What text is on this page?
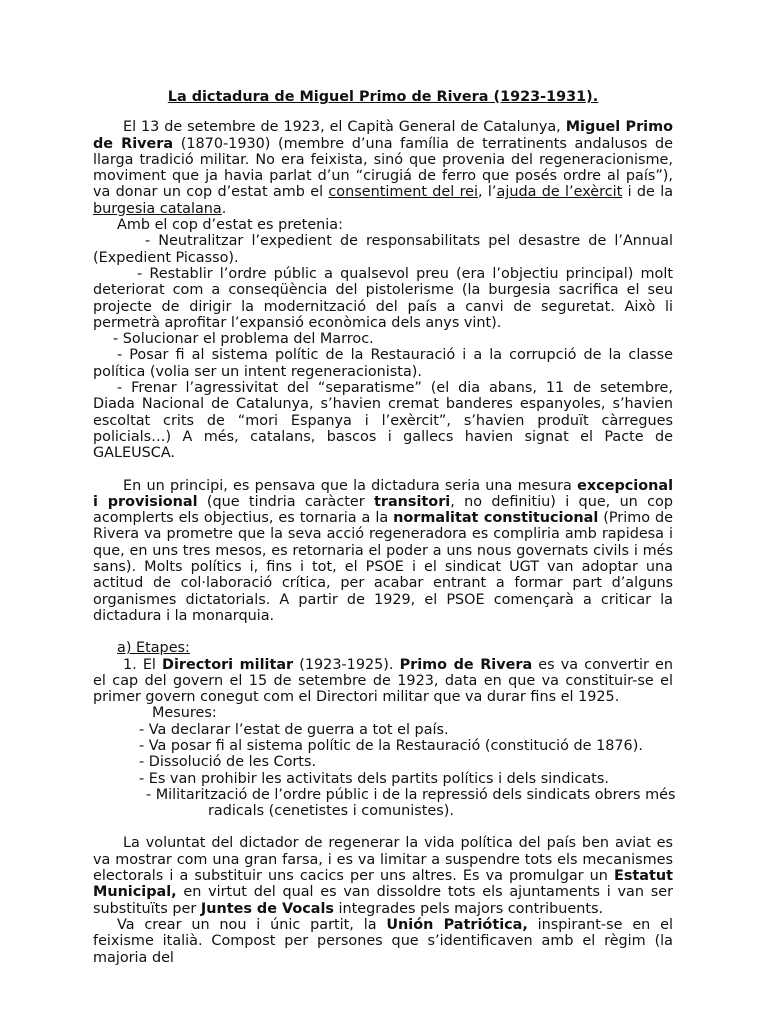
La dictadura de Miguel Primo de Rivera (1923-1931).

El 13 de setembre de 1923, el Capità General de Catalunya, Miguel Primo de Rivera (1870-1930) (membre d’una família de terratinents andalusos de llarga tradició militar. No era feixista, sinó que provenia del regeneracionisme, moviment que ja havia parlat d’un “cirugiá de ferro que posés ordre al país”), va donar un cop d’estat amb el consentiment del rei, l’ajuda de l’exèrcit i de la burgesia catalana.

Amb el cop d’estat es pretenia:

- Neutralitzar l’expedient de responsabilitats pel desastre de l’Annual (Expedient Picasso).

- Restablir l’ordre públic a qualsevol preu (era l’objectiu principal) molt deteriorat com a conseqüència del pistolerisme (la burgesia sacrifica el seu projecte de dirigir la modernització del país a canvi de seguretat. Això li permetrà aprofitar l’expansió econòmica dels anys vint).

- Solucionar el problema del Marroc.

- Posar fi al sistema polític de la Restauració i a la corrupció de la classe política (volia ser un intent regeneracionista).

- Frenar l’agressivitat del “separatisme” (el dia abans, 11 de setembre, Diada Nacional de Catalunya, s’havien cremat banderes espanyoles, s’havien escoltat crits de “mori Espanya i l’exèrcit”, s’havien produït càrregues policials…) A més, catalans, bascos i gallecs havien signat el Pacte de GALEUSCA.

En un principi, es pensava que la dictadura seria una mesura excepcional i provisional (que tindria caràcter transitori, no definitiu) i que, un cop acomplerts els objectius, es tornaria a la normalitat constitucional (Primo de Rivera va prometre que la seva acció regeneradora es compliria amb rapidesa i que, en uns tres mesos, es retornaria el poder a uns nous governats civils i més sans). Molts polítics i, fins i tot, el PSOE i el sindicat UGT van adoptar una actitud de col·laboració crítica, per acabar entrant a formar part d’alguns organismes dictatorials. A partir de 1929, el PSOE començarà a criticar la dictadura i la monarquia.

a) Etapes:

1. El Directori militar (1923-1925). Primo de Rivera es va convertir en el cap del govern el 15 de setembre de 1923, data en que va constituir-se el primer govern conegut com el Directori militar que va durar fins el 1925.

Mesures:

- Va declarar l’estat de guerra a tot el país.

- Va posar fi al sistema polític de la Restauració (constitució de 1876).

- Dissolució de les Corts.

- Es van prohibir les activitats dels partits polítics i dels sindicats.

- Militarització de l’ordre públic i de la repressió dels sindicats obrers més

radicals (cenetistes i comunistes).

La voluntat del dictador de regenerar la vida política del país ben aviat es va mostrar com una gran farsa, i es va limitar a suspendre tots els mecanismes electorals i a substituir uns cacics per uns altres. Es va promulgar un Estatut Municipal, en virtut del qual es van dissoldre tots els ajuntaments i van ser substituïts per Juntes de Vocals integrades pels majors contribuents.

Va crear un nou i únic partit, la Unión Patriótica, inspirant-se en el feixisme italià. Compost per persones que s’identificaven amb el règim (la majoria del
